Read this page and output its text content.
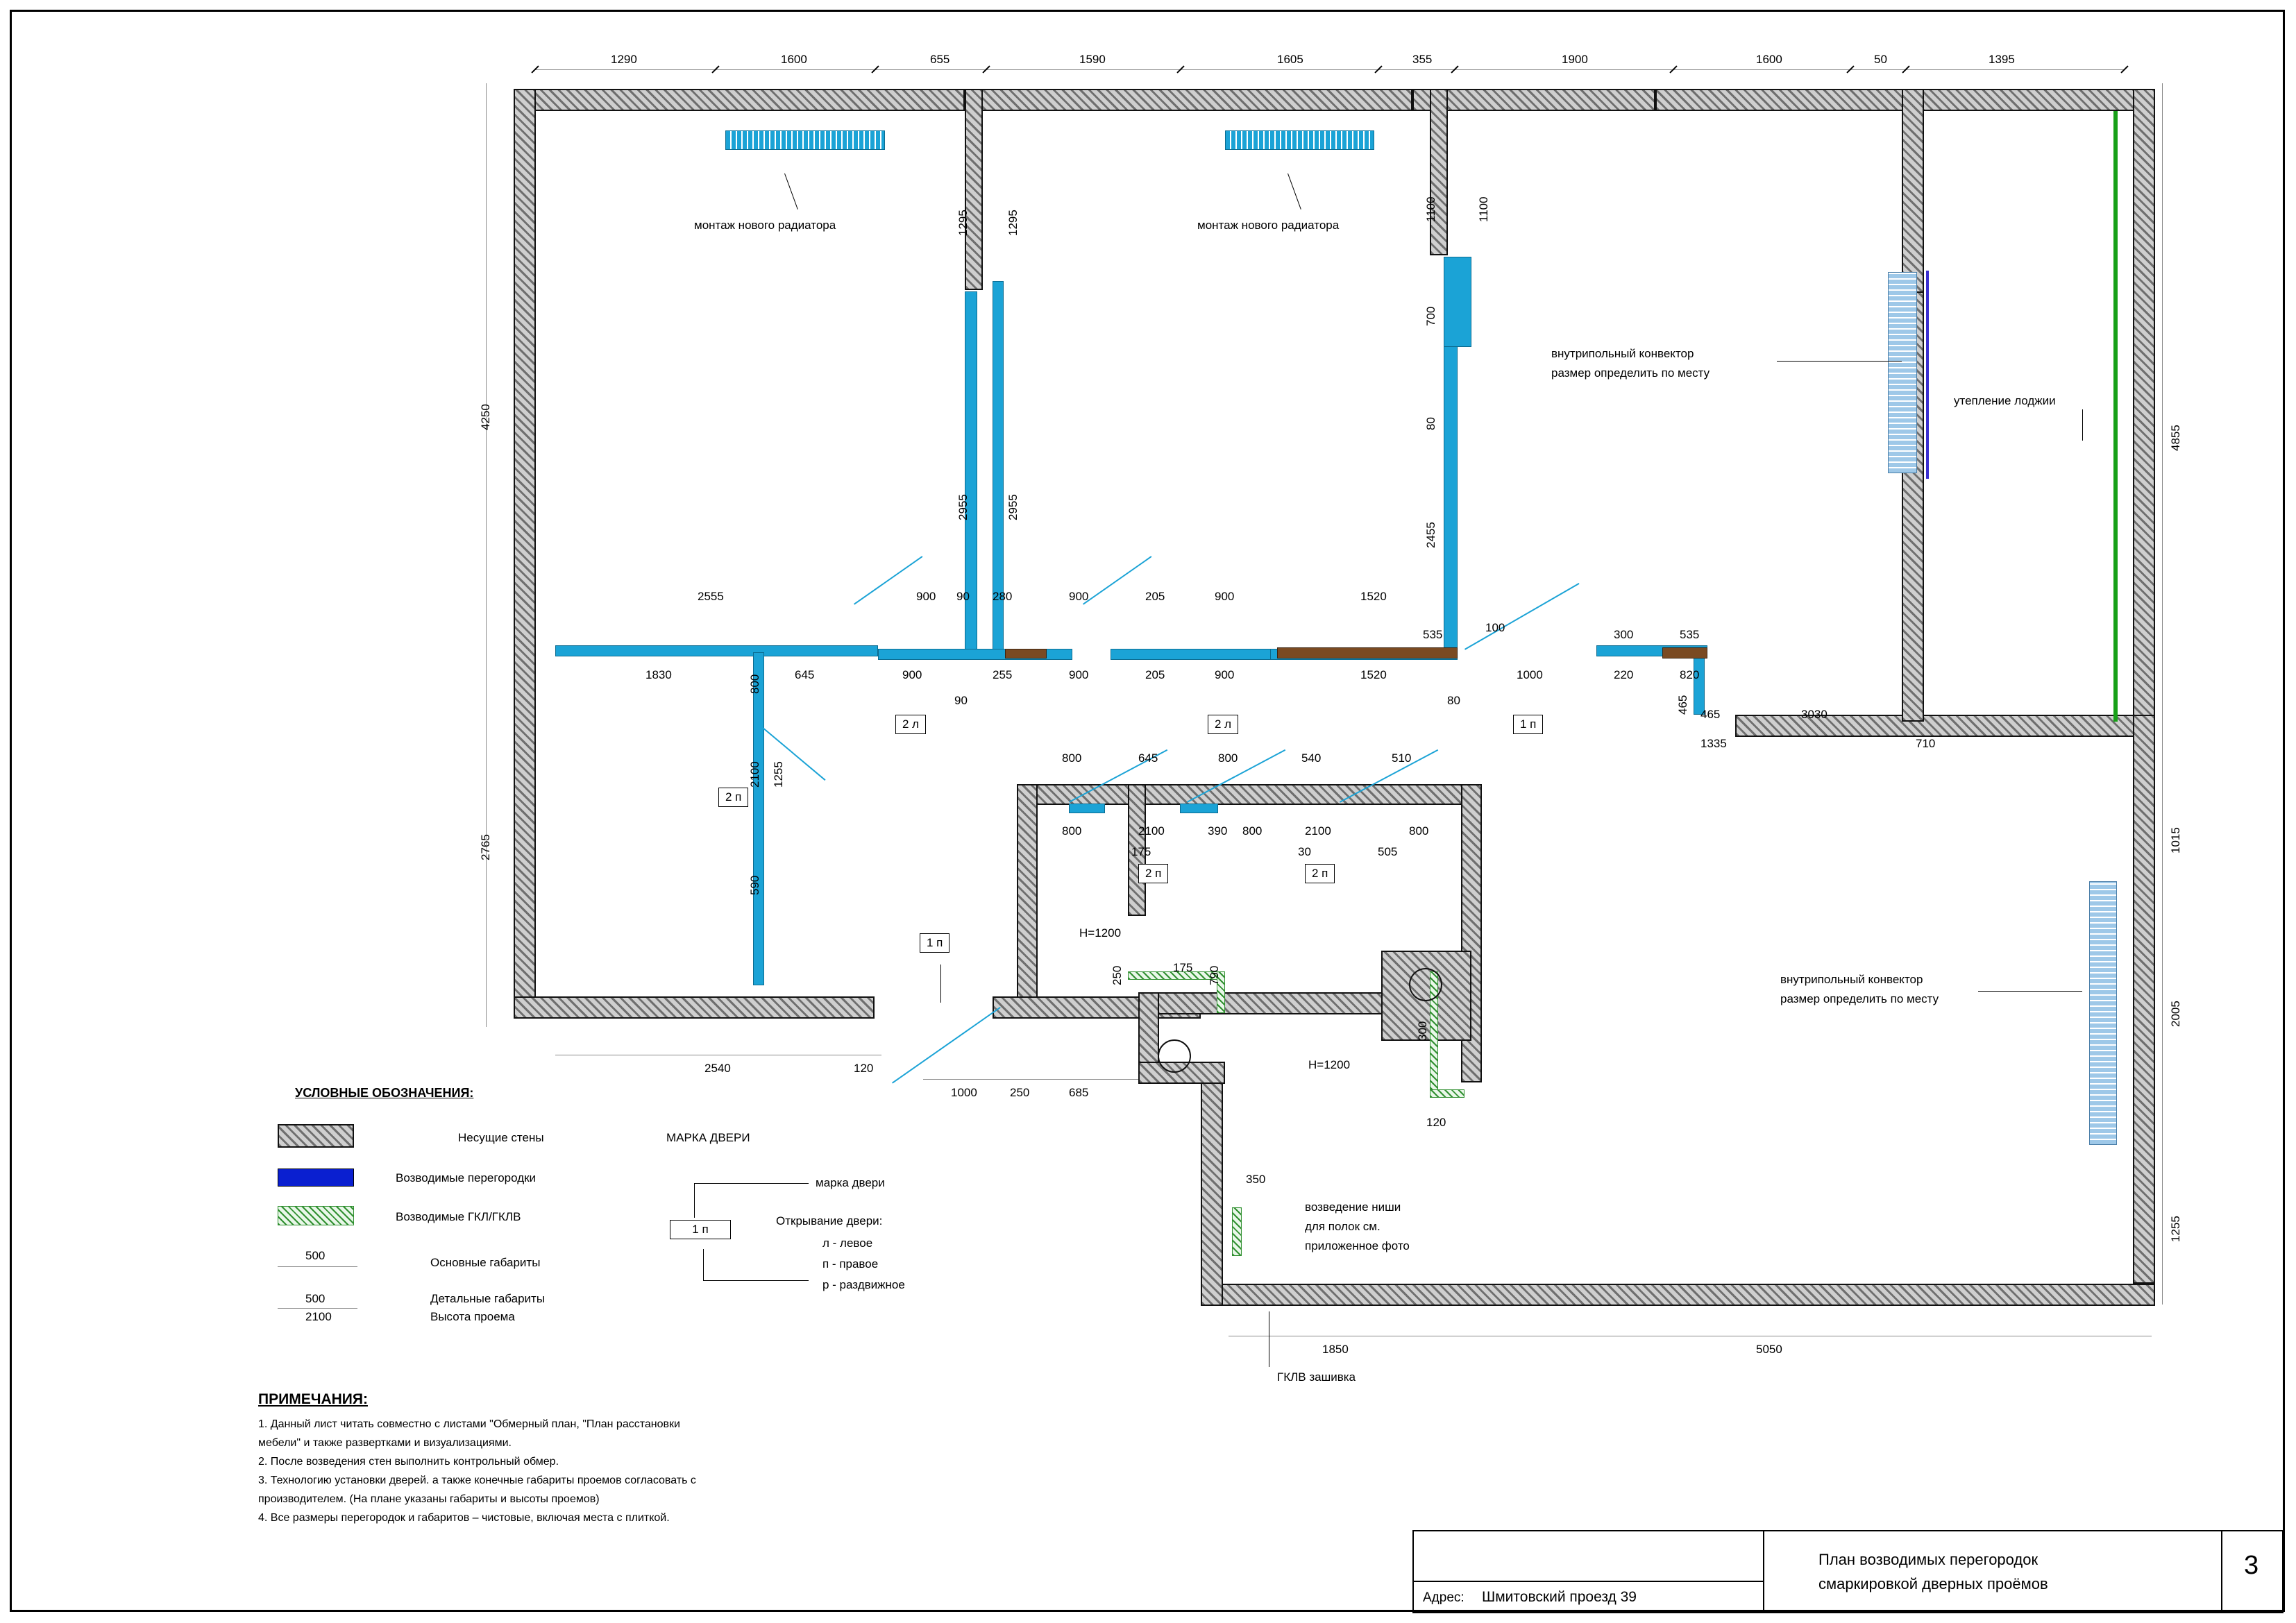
1290	1600	655	1590	1605	355	1900	1600	50	1395
4250
2765
4855
1015
2005
1255
1295	1295
2955	2955
1100	1100
700
80
2455
2555	900 90 280	900	205	900	1520
100
1830	645	900
90
255	900	205	900	1520
80
1000
535	300	535
220	820
465 465
1335
3030
710
800
2100 1255
590
800	645	800	540	510
800	2100
175
390 800	2100
30	505
800
175
250	790
300
120
350
2540	120
1000	250	685
1850	5050
монтаж нового радиатора	монтаж нового радиатора
внутрипольный конвектор
размер определить по месту
утепление лоджии
внутрипольный конвектор
размер определить по месту
возведение ниши
для полок см.
приложенное фото
ГКЛВ зашивка
H=1200
H=1200
2 л	2 л	1 п
2 п
2 п	2 п
1 п
УСЛОВНЫЕ ОБОЗНАЧЕНИЯ:
Несущие стены
Возводимые перегородки
Возводимые ГКЛ/ГКЛВ
500
Основные габариты
500
2100
Детальные габариты
Высота проема
МАРКА ДВЕРИ
1 п
марка двери
Открывание двери:
л - левое
п - правое
р - раздвижное
ПРИМЕЧАНИЯ:
1. Данный лист читать совместно с листами "Обмерный план, "План расстановки
мебели" и также развертками и визуализациями.
2. После возведения стен выполнить контрольный обмер.
3. Технологию установки дверей. а также конечные габариты проемов согласовать с
производителем. (На плане указаны габариты и высоты проемов)
4. Все размеры перегородок и габаритов – чистовые, включая места с плиткой.
Адрес: Шмитовский проезд 39
План возводимых перегородок
смаркировкой дверных проёмов
3
